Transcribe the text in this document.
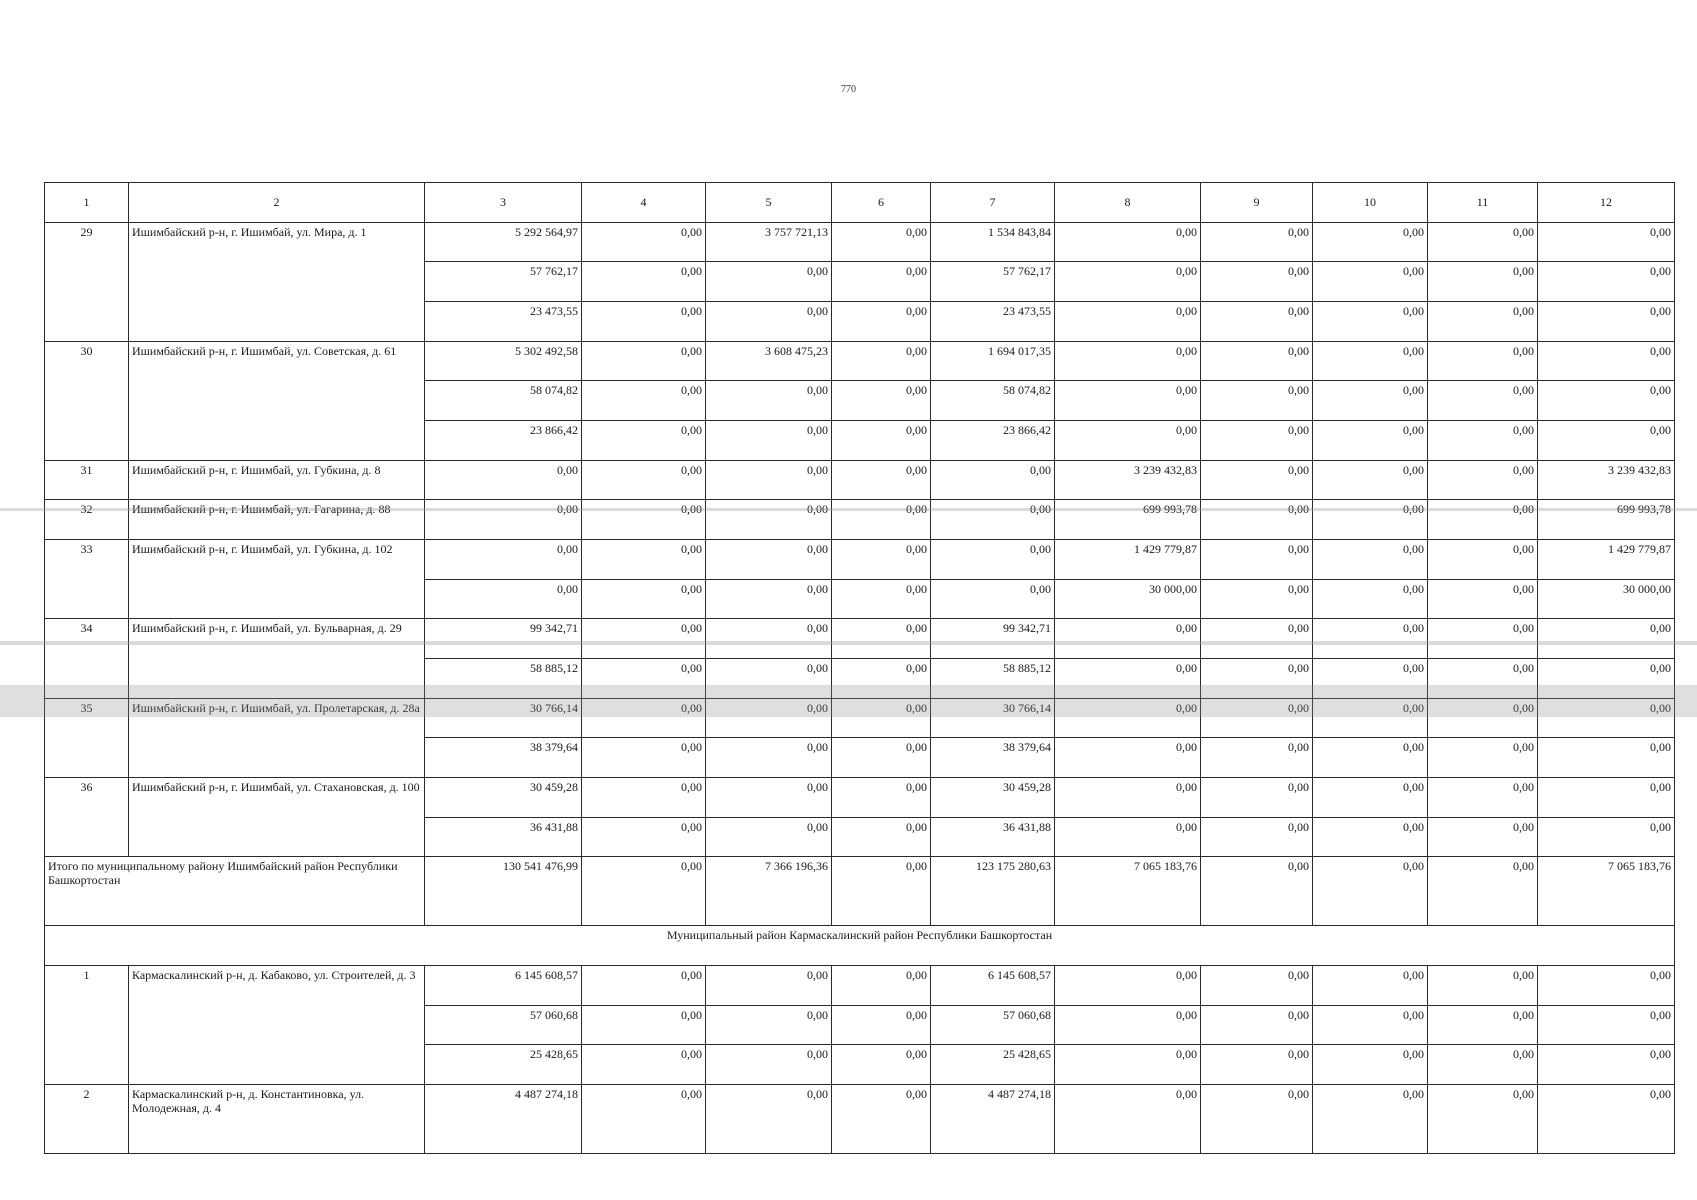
770
1	2	3	4	5	6	7	8	9	10	11	12
29	Ишимбайский р-н, г. Ишимбай, ул. Мира, д. 1	5 292 564,97	0,00	3 757 721,13	0,00	1 534 843,84	0,00	0,00	0,00	0,00	0,00
		57 762,17	0,00	0,00	0,00	57 762,17	0,00	0,00	0,00	0,00	0,00
		23 473,55	0,00	0,00	0,00	23 473,55	0,00	0,00	0,00	0,00	0,00
30	Ишимбайский р-н, г. Ишимбай, ул. Советская, д. 61	5 302 492,58	0,00	3 608 475,23	0,00	1 694 017,35	0,00	0,00	0,00	0,00	0,00
		58 074,82	0,00	0,00	0,00	58 074,82	0,00	0,00	0,00	0,00	0,00
		23 866,42	0,00	0,00	0,00	23 866,42	0,00	0,00	0,00	0,00	0,00
31	Ишимбайский р-н, г. Ишимбай, ул. Губкина, д. 8	0,00	0,00	0,00	0,00	0,00	3 239 432,83	0,00	0,00	0,00	3 239 432,83
32	Ишимбайский р-н, г. Ишимбай, ул. Гагарина, д. 88	0,00	0,00	0,00	0,00	0,00	699 993,78	0,00	0,00	0,00	699 993,78
33	Ишимбайский р-н, г. Ишимбай, ул. Губкина, д. 102	0,00	0,00	0,00	0,00	0,00	1 429 779,87	0,00	0,00	0,00	1 429 779,87
		0,00	0,00	0,00	0,00	0,00	30 000,00	0,00	0,00	0,00	30 000,00
34	Ишимбайский р-н, г. Ишимбай, ул. Бульварная, д. 29	99 342,71	0,00	0,00	0,00	99 342,71	0,00	0,00	0,00	0,00	0,00
		58 885,12	0,00	0,00	0,00	58 885,12	0,00	0,00	0,00	0,00	0,00
35	Ишимбайский р-н, г. Ишимбай, ул. Пролетарская, д. 28а	30 766,14	0,00	0,00	0,00	30 766,14	0,00	0,00	0,00	0,00	0,00
		38 379,64	0,00	0,00	0,00	38 379,64	0,00	0,00	0,00	0,00	0,00
36	Ишимбайский р-н, г. Ишимбай, ул. Стахановская, д. 100	30 459,28	0,00	0,00	0,00	30 459,28	0,00	0,00	0,00	0,00	0,00
		36 431,88	0,00	0,00	0,00	36 431,88	0,00	0,00	0,00	0,00	0,00
Итого по муниципальному району Ишимбайский район Республики Башкортостан		130 541 476,99	0,00	7 366 196,36	0,00	123 175 280,63	7 065 183,76	0,00	0,00	0,00	7 065 183,76
Муниципальный район Кармаскалинский район Республики Башкортостан											
1	Кармаскалинский р-н, д. Кабаково, ул. Строителей, д. 3	6 145 608,57	0,00	0,00	0,00	6 145 608,57	0,00	0,00	0,00	0,00	0,00
		57 060,68	0,00	0,00	0,00	57 060,68	0,00	0,00	0,00	0,00	0,00
		25 428,65	0,00	0,00	0,00	25 428,65	0,00	0,00	0,00	0,00	0,00
2	Кармаскалинский р-н, д. Константиновка, ул. Молодежная, д. 4	4 487 274,18	0,00	0,00	0,00	4 487 274,18	0,00	0,00	0,00	0,00	0,00
